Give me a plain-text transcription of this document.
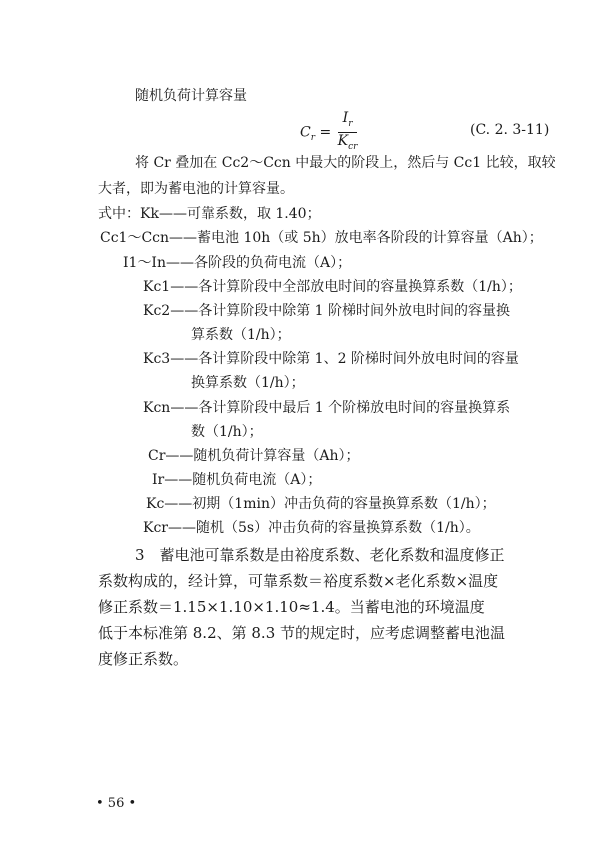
随机负荷计算容量
$C_r = \frac{I_r}{K_{cr}}$	(C. 2. 3-11)
将 Cr 叠加在 Cc2～Ccn 中最大的阶段上，然后与 Cc1 比较，取较
大者，即为蓄电池的计算容量。
式中：Kk——可靠系数，取 1.40；
Cc1～Ccn——蓄电池 10h（或 5h）放电率各阶段的计算容量（Ah）；
I1～In——各阶段的负荷电流（A）；
Kc1——各计算阶段中全部放电时间的容量换算系数（1/h）；
Kc2——各计算阶段中除第 1 阶梯时间外放电时间的容量换
算系数（1/h）；
Kc3——各计算阶段中除第 1、2 阶梯时间外放电时间的容量
换算系数（1/h）；
Kcn——各计算阶段中最后 1 个阶梯放电时间的容量换算系
数（1/h）；
Cr——随机负荷计算容量（Ah）；
Ir——随机负荷电流（A）；
Kc——初期（1min）冲击负荷的容量换算系数（1/h）；
Kcr——随机（5s）冲击负荷的容量换算系数（1/h）。
3　蓄电池可靠系数是由裕度系数、老化系数和温度修正
系数构成的，经计算，可靠系数＝裕度系数×老化系数×温度
修正系数＝1.15×1.10×1.10≈1.4。当蓄电池的环境温度
低于本标准第 8.2、第 8.3 节的规定时，应考虑调整蓄电池温
度修正系数。
• 56 •
